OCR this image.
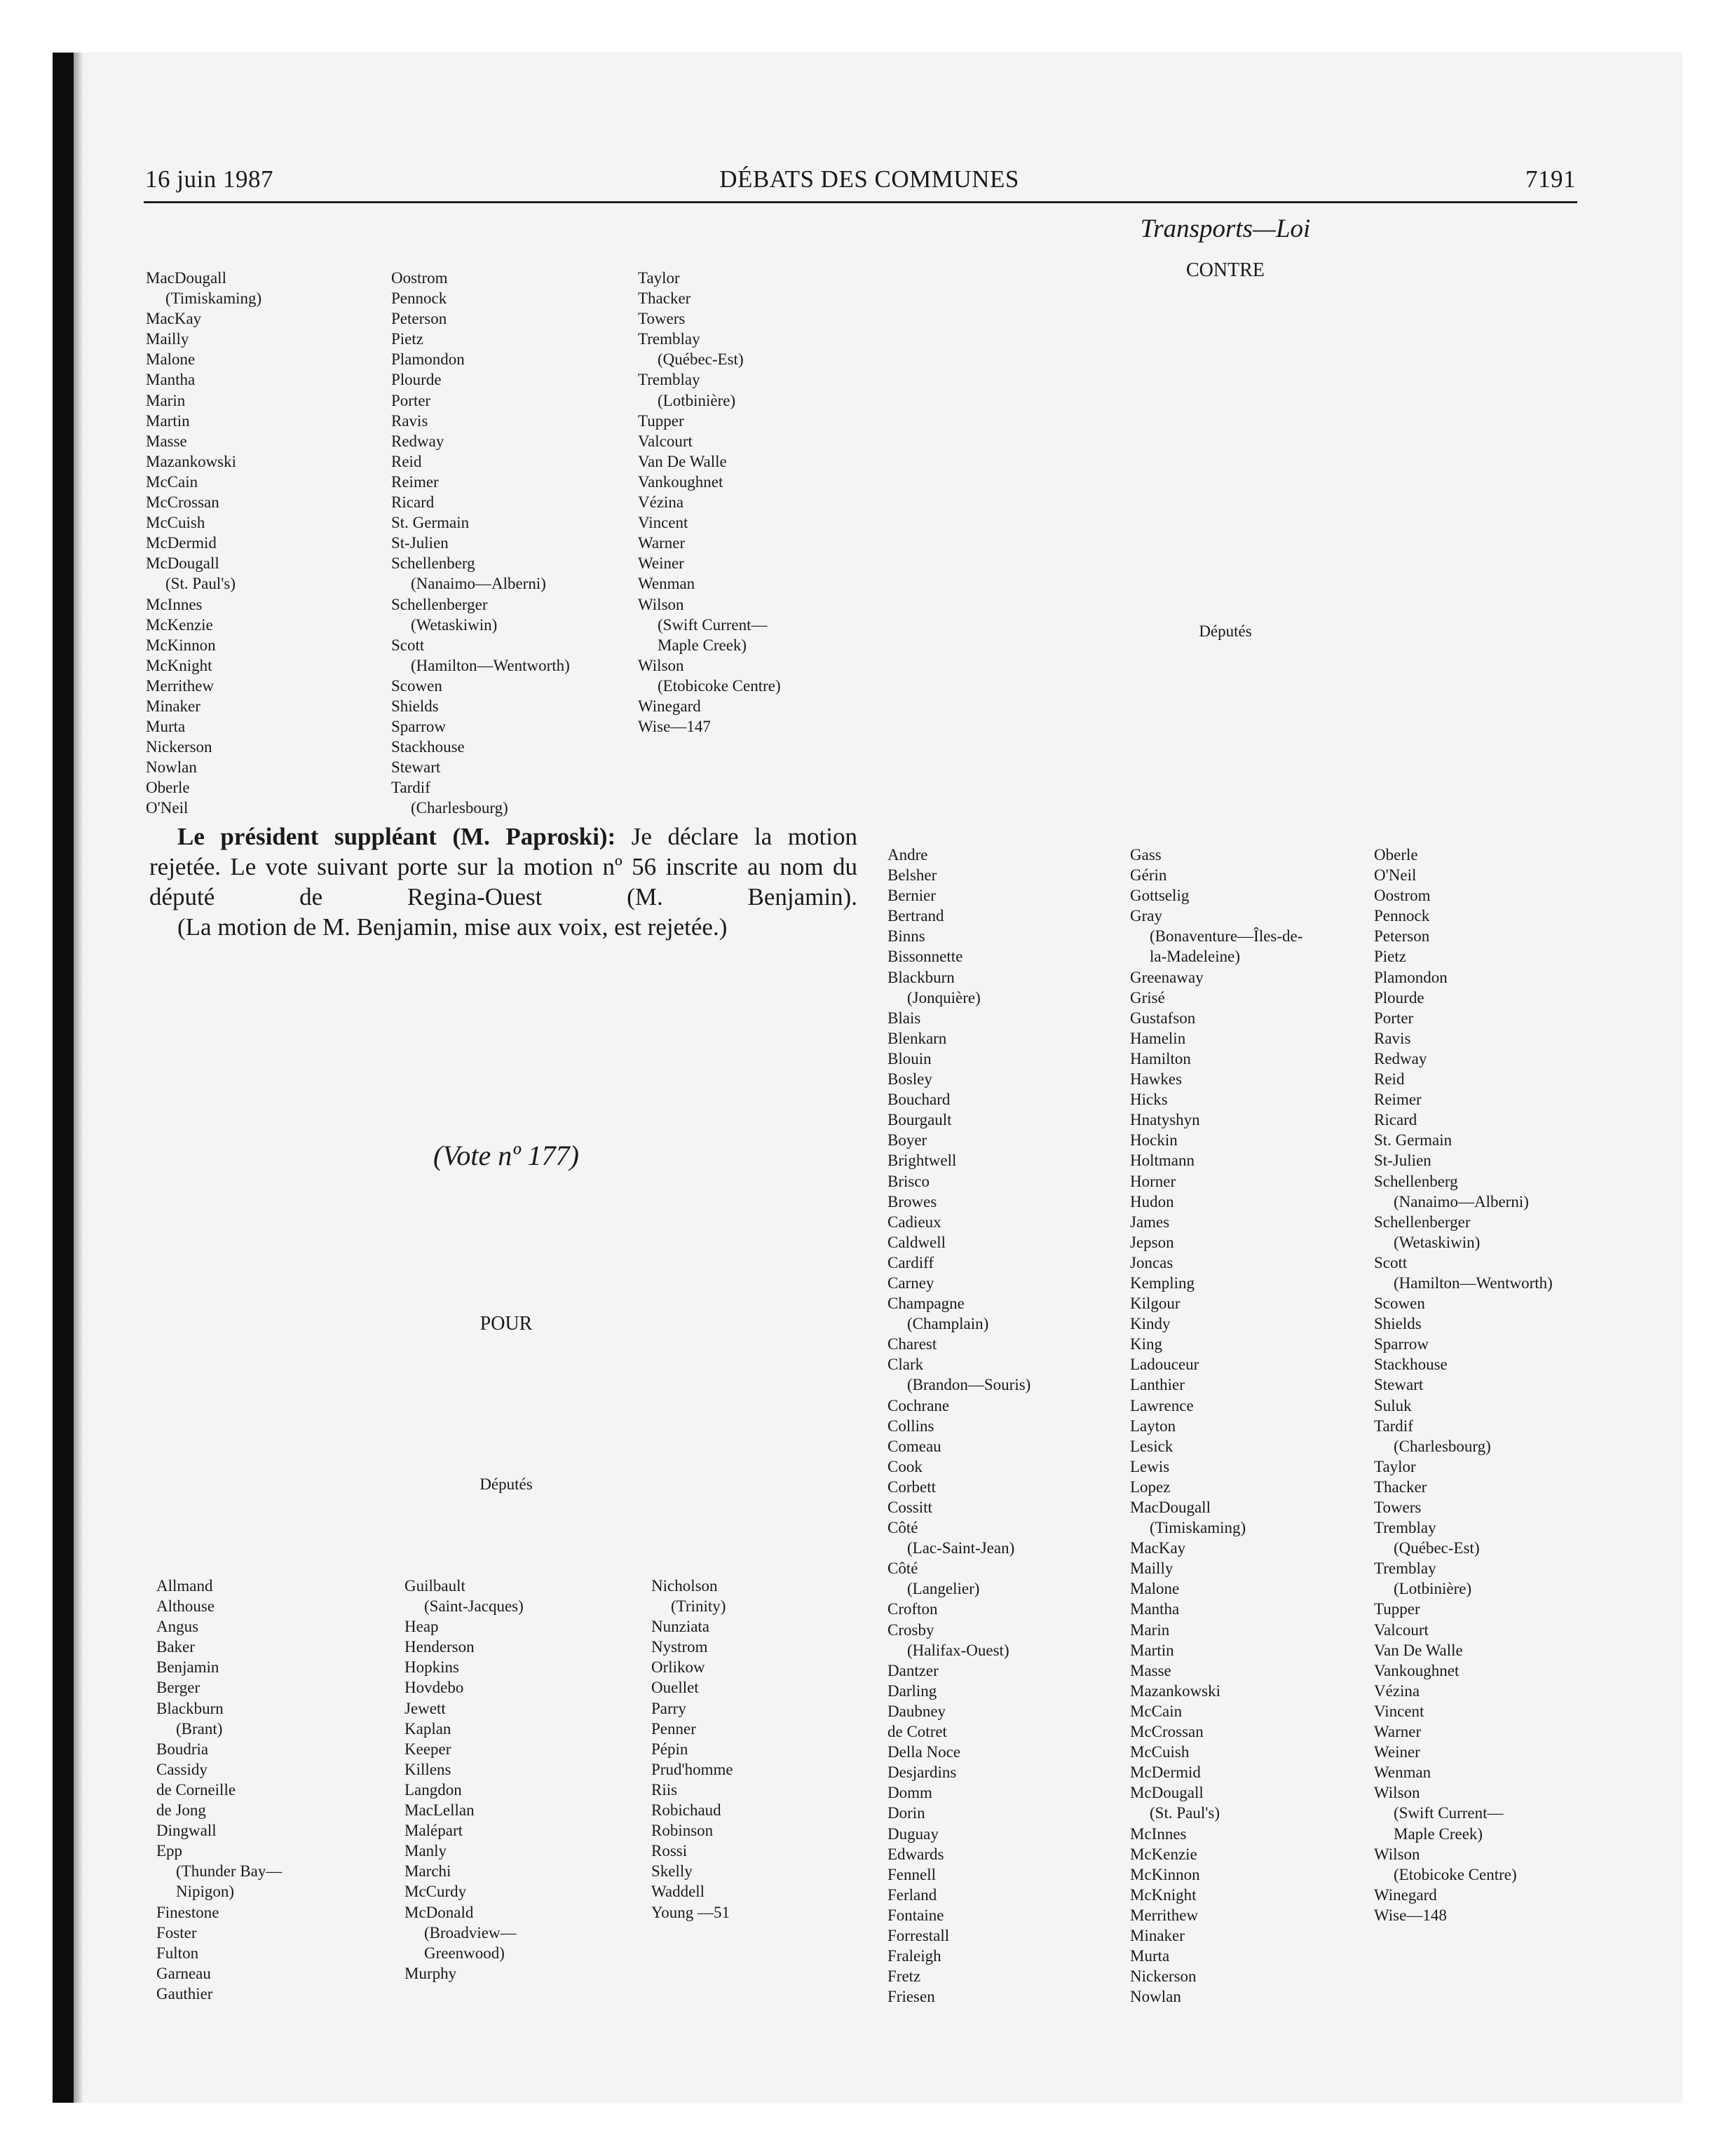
16 juin 1987	DÉBATS DES COMMUNES	7191
Transports—Loi
CONTRE
MacDougall
(Timiskaming)
MacKay
Mailly
Malone
Mantha
Marin
Martin
Masse
Mazankowski
McCain
McCrossan
McCuish
McDermid
McDougall
(St. Paul's)
McInnes
McKenzie
McKinnon
McKnight
Merrithew
Minaker
Murta
Nickerson
Nowlan
Oberle
O'Neil
Oostrom
Pennock
Peterson
Pietz
Plamondon
Plourde
Porter
Ravis
Redway
Reid
Reimer
Ricard
St. Germain
St-Julien
Schellenberg
(Nanaimo—Alberni)
Schellenberger
(Wetaskiwin)
Scott
(Hamilton—Wentworth)
Scowen
Shields
Sparrow
Stackhouse
Stewart
Tardif
(Charlesbourg)
Taylor
Thacker
Towers
Tremblay
(Québec-Est)
Tremblay
(Lotbinière)
Tupper
Valcourt
Van De Walle
Vankoughnet
Vézina
Vincent
Warner
Weiner
Wenman
Wilson
(Swift Current—
Maple Creek)
Wilson
(Etobicoke Centre)
Winegard
Wise—147

Le président suppléant (M. Paproski): Je déclare la motion rejetée. Le vote suivant porte sur la motion nº 56 inscrite au nom du député de Regina-Ouest (M. Benjamin).

(La motion de M. Benjamin, mise aux voix, est rejetée.)

(Vote nº 177)
POUR
Députés
Allmand
Althouse
Angus
Baker
Benjamin
Berger
Blackburn
(Brant)
Boudria
Cassidy
de Corneille
de Jong
Dingwall
Epp
(Thunder Bay—
Nipigon)
Finestone
Foster
Fulton
Garneau
Gauthier
Guilbault
(Saint-Jacques)
Heap
Henderson
Hopkins
Hovdebo
Jewett
Kaplan
Keeper
Killens
Langdon
MacLellan
Malépart
Manly
Marchi
McCurdy
McDonald
(Broadview—
Greenwood)
Murphy
Nicholson
(Trinity)
Nunziata
Nystrom
Orlikow
Ouellet
Parry
Penner
Pépin
Prud'homme
Riis
Robichaud
Robinson
Rossi
Skelly
Waddell
Young —51
Députés
Andre
Belsher
Bernier
Bertrand
Binns
Bissonnette
Blackburn
(Jonquière)
Blais
Blenkarn
Blouin
Bosley
Bouchard
Bourgault
Boyer
Brightwell
Brisco
Browes
Cadieux
Caldwell
Cardiff
Carney
Champagne
(Champlain)
Charest
Clark
(Brandon—Souris)
Cochrane
Collins
Comeau
Cook
Corbett
Cossitt
Côté
(Lac-Saint-Jean)
Côté
(Langelier)
Crofton
Crosby
(Halifax-Ouest)
Dantzer
Darling
Daubney
de Cotret
Della Noce
Desjardins
Domm
Dorin
Duguay
Edwards
Fennell
Ferland
Fontaine
Forrestall
Fraleigh
Fretz
Friesen
Gass
Gérin
Gottselig
Gray
(Bonaventure—Îles-de-
la-Madeleine)
Greenaway
Grisé
Gustafson
Hamelin
Hamilton
Hawkes
Hicks
Hnatyshyn
Hockin
Holtmann
Horner
Hudon
James
Jepson
Joncas
Kempling
Kilgour
Kindy
King
Ladouceur
Lanthier
Lawrence
Layton
Lesick
Lewis
Lopez
MacDougall
(Timiskaming)
MacKay
Mailly
Malone
Mantha
Marin
Martin
Masse
Mazankowski
McCain
McCrossan
McCuish
McDermid
McDougall
(St. Paul's)
McInnes
McKenzie
McKinnon
McKnight
Merrithew
Minaker
Murta
Nickerson
Nowlan
Oberle
O'Neil
Oostrom
Pennock
Peterson
Pietz
Plamondon
Plourde
Porter
Ravis
Redway
Reid
Reimer
Ricard
St. Germain
St-Julien
Schellenberg
(Nanaimo—Alberni)
Schellenberger
(Wetaskiwin)
Scott
(Hamilton—Wentworth)
Scowen
Shields
Sparrow
Stackhouse
Stewart
Suluk
Tardif
(Charlesbourg)
Taylor
Thacker
Towers
Tremblay
(Québec-Est)
Tremblay
(Lotbinière)
Tupper
Valcourt
Van De Walle
Vankoughnet
Vézina
Vincent
Warner
Weiner
Wenman
Wilson
(Swift Current—
Maple Creek)
Wilson
(Etobicoke Centre)
Winegard
Wise—148
